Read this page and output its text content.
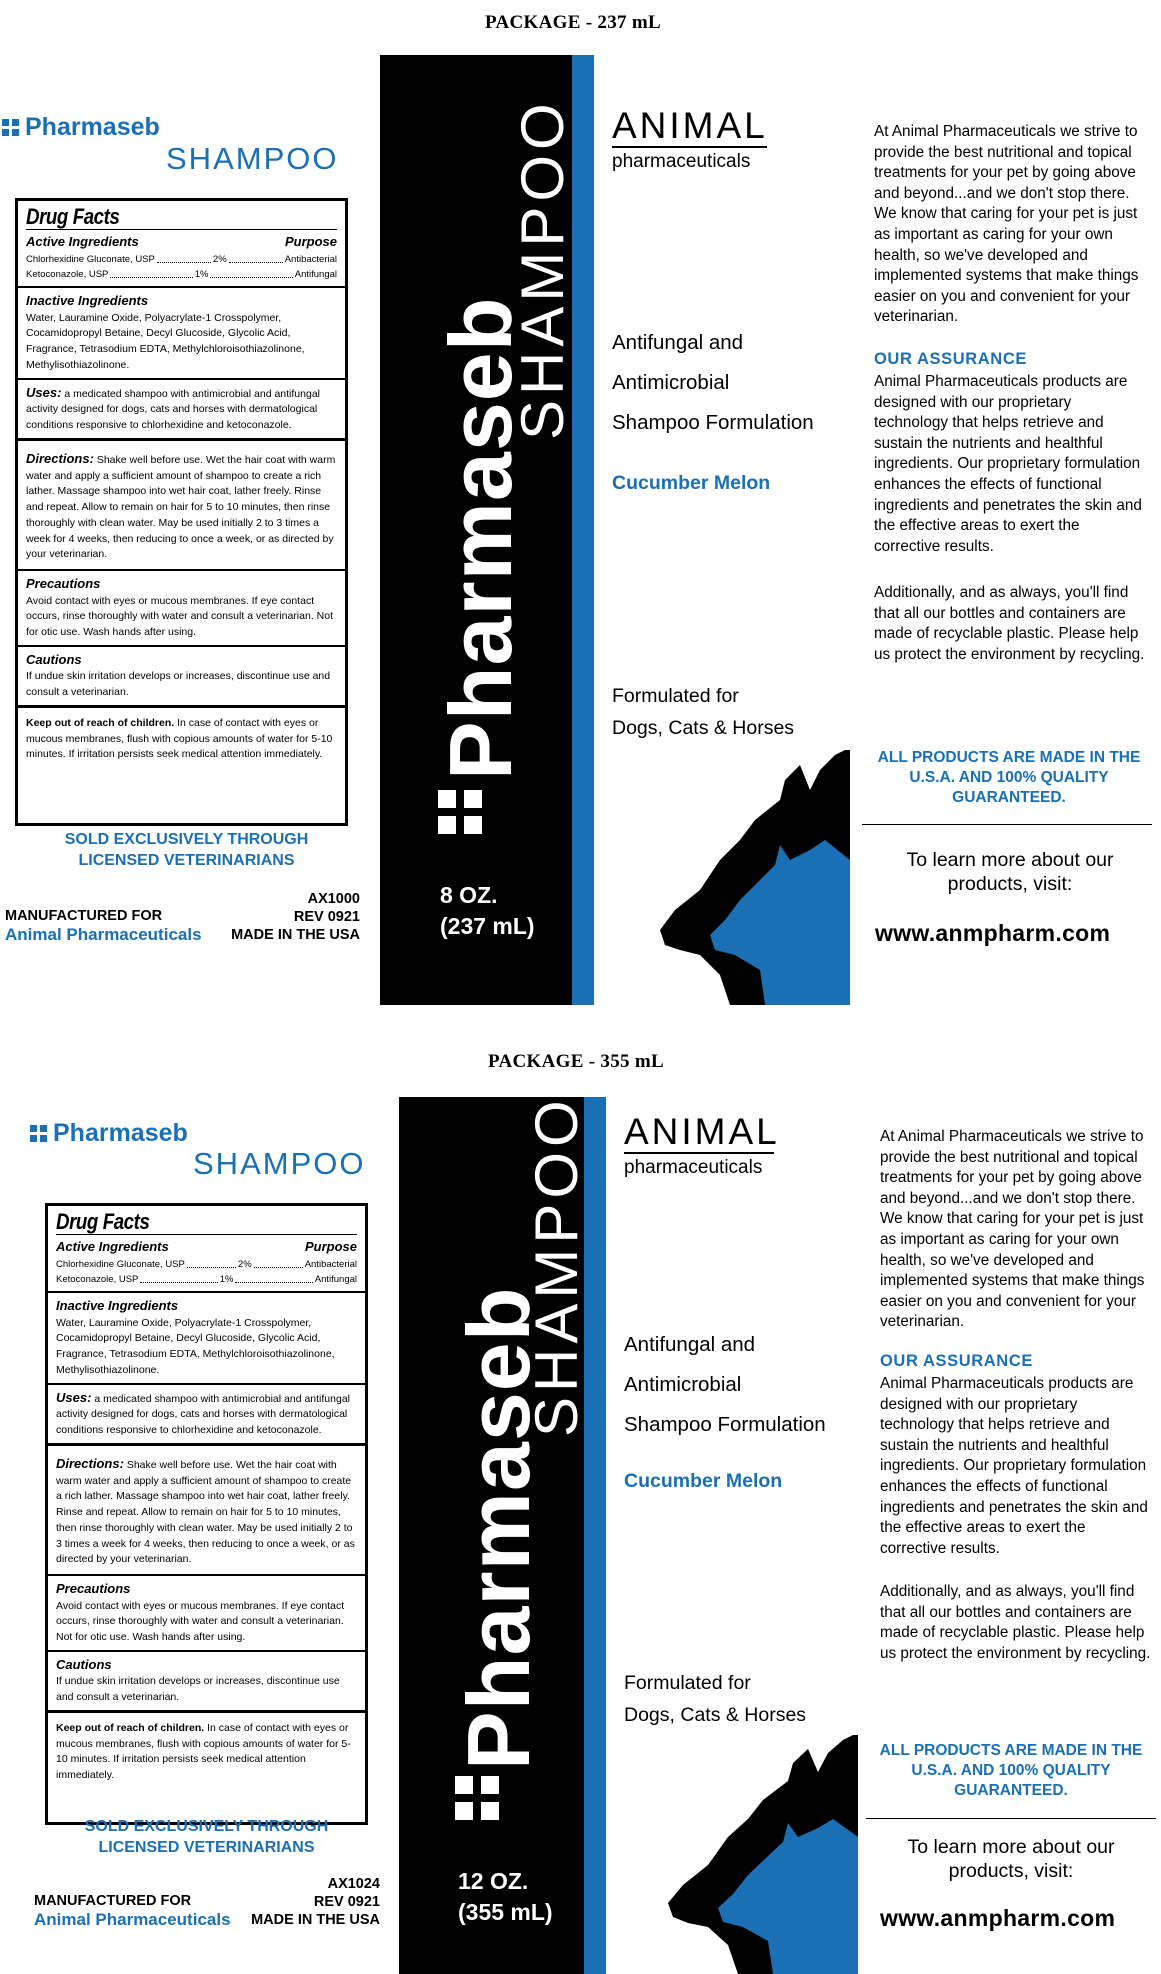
PACKAGE - 237 mL
Pharmaseb
SHAMPOO
Drug Facts
Active Ingredients	Purpose
Chlorhexidine Gluconate, USP	2%	Antibacterial
Ketoconazole, USP	1%	Antifungal
Inactive Ingredients
Water, Lauramine Oxide, Polyacrylate-1 Crosspolymer, Cocamidopropyl Betaine, Decyl Glucoside, Glycolic Acid, Fragrance, Tetrasodium EDTA, Methylchloroisothiazolinone, Methylisothiazolinone.
Uses: a medicated shampoo with antimicrobial and antifungal activity designed for dogs, cats and horses with dermatological conditions responsive to chlorhexidine and ketoconazole.
Directions: Shake well before use. Wet the hair coat with warm water and apply a sufficient amount of shampoo to create a rich lather. Massage shampoo into wet hair coat, lather freely. Rinse and repeat. Allow to remain on hair for 5 to 10 minutes, then rinse thoroughly with clean water. May be used initially 2 to 3 times a week for 4 weeks, then reducing to once a week, or as directed by your veterinarian.
Precautions
Avoid contact with eyes or mucous membranes. If eye contact occurs, rinse thoroughly with water and consult a veterinarian. Not for otic use. Wash hands after using.
Cautions
If undue skin irritation develops or increases, discontinue use and consult a veterinarian.
Keep out of reach of children. In case of contact with eyes or mucous membranes, flush with copious amounts of water for 5-10 minutes. If irritation persists seek medical attention immediately.
SOLD EXCLUSIVELY THROUGH
LICENSED VETERINARIANS
MANUFACTURED FOR
Animal Pharmaceuticals
AX1000
REV 0921
MADE IN THE USA
Pharmaseb
SHAMPOO
8 OZ.
(237 mL)
ANIMAL
pharmaceuticals
Antifungal and
Antimicrobial
Shampoo Formulation
Cucumber Melon
Formulated for
Dogs, Cats & Horses
At Animal Pharmaceuticals we strive to provide the best nutritional and topical treatments for your pet by going above and beyond...and we don't stop there. We know that caring for your pet is just as important as caring for your own health, so we've developed and implemented systems that make things easier on you and convenient for your veterinarian.
OUR ASSURANCE
Animal Pharmaceuticals products are designed with our proprietary technology that helps retrieve and sustain the nutrients and healthful ingredients. Our proprietary formulation enhances the effects of functional ingredients and penetrates the skin and the effective areas to exert the corrective results.
Additionally, and as always, you'll find that all our bottles and containers are made of recyclable plastic. Please help us protect the environment by recycling.
ALL PRODUCTS ARE MADE IN THE U.S.A. AND 100% QUALITY GUARANTEED.
To learn more about our products, visit:
www.anmpharm.com
PACKAGE - 355 mL
Pharmaseb
SHAMPOO
Drug Facts
Active Ingredients	Purpose
Chlorhexidine Gluconate, USP	2%	Antibacterial
Ketoconazole, USP	1%	Antifungal
Inactive Ingredients
Water, Lauramine Oxide, Polyacrylate-1 Crosspolymer, Cocamidopropyl Betaine, Decyl Glucoside, Glycolic Acid, Fragrance, Tetrasodium EDTA, Methylchloroisothiazolinone, Methylisothiazolinone.
Uses: a medicated shampoo with antimicrobial and antifungal activity designed for dogs, cats and horses with dermatological conditions responsive to chlorhexidine and ketoconazole.
Directions: Shake well before use. Wet the hair coat with warm water and apply a sufficient amount of shampoo to create a rich lather. Massage shampoo into wet hair coat, lather freely. Rinse and repeat. Allow to remain on hair for 5 to 10 minutes, then rinse thoroughly with clean water. May be used initially 2 to 3 times a week for 4 weeks, then reducing to once a week, or as directed by your veterinarian.
Precautions
Avoid contact with eyes or mucous membranes. If eye contact occurs, rinse thoroughly with water and consult a veterinarian. Not for otic use. Wash hands after using.
Cautions
If undue skin irritation develops or increases, discontinue use and consult a veterinarian.
Keep out of reach of children. In case of contact with eyes or mucous membranes, flush with copious amounts of water for 5-10 minutes. If irritation persists seek medical attention immediately.
SOLD EXCLUSIVELY THROUGH
LICENSED VETERINARIANS
MANUFACTURED FOR
Animal Pharmaceuticals
AX1024
REV 0921
MADE IN THE USA
Pharmaseb
SHAMPOO
12 OZ.
(355 mL)
ANIMAL
pharmaceuticals
Antifungal and
Antimicrobial
Shampoo Formulation
Cucumber Melon
Formulated for
Dogs, Cats & Horses
At Animal Pharmaceuticals we strive to provide the best nutritional and topical treatments for your pet by going above and beyond...and we don't stop there. We know that caring for your pet is just as important as caring for your own health, so we've developed and implemented systems that make things easier on you and convenient for your veterinarian.
OUR ASSURANCE
Animal Pharmaceuticals products are designed with our proprietary technology that helps retrieve and sustain the nutrients and healthful ingredients. Our proprietary formulation enhances the effects of functional ingredients and penetrates the skin and the effective areas to exert the corrective results.
Additionally, and as always, you'll find that all our bottles and containers are made of recyclable plastic. Please help us protect the environment by recycling.
ALL PRODUCTS ARE MADE IN THE U.S.A. AND 100% QUALITY GUARANTEED.
To learn more about our products, visit:
www.anmpharm.com
